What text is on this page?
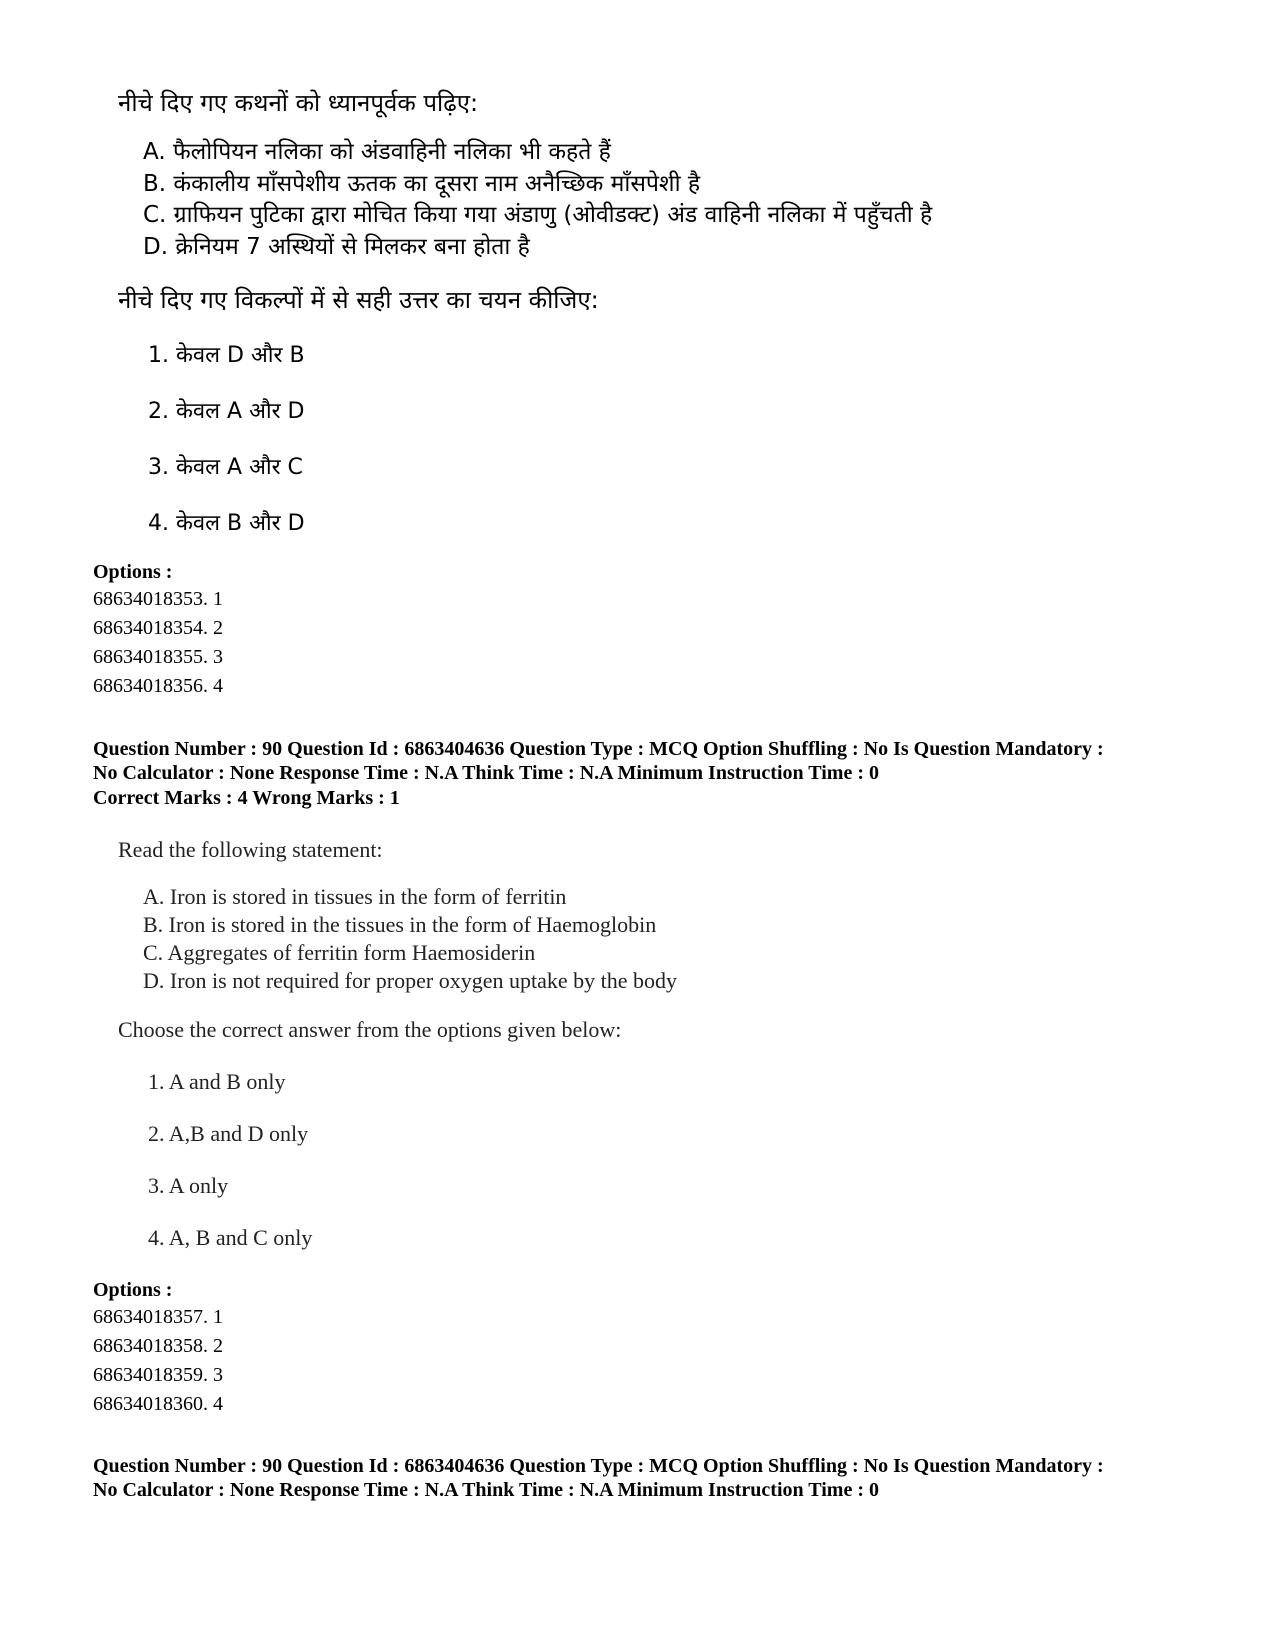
नीचे दिए गए कथनों को ध्यानपूर्वक पढ़िए:
A. फैलोपियन नलिका को अंडवाहिनी नलिका भी कहते हैं
B. कंकालीय माँसपेशीय ऊतक का दूसरा नाम अनैच्छिक माँसपेशी है
C. ग्राफियन पुटिका द्वारा मोचित किया गया अंडाणु (ओवीडक्ट) अंड वाहिनी नलिका में पहुँचती है
D. क्रेनियम 7 अस्थियों से मिलकर बना होता है
नीचे दिए गए विकल्पों में से सही उत्तर का चयन कीजिए:
1. केवल D और B
2. केवल A और D
3. केवल A और C
4. केवल B और D
Options :
68634018353. 1
68634018354. 2
68634018355. 3
68634018356. 4
Question Number : 90 Question Id : 6863404636 Question Type : MCQ Option Shuffling : No Is Question Mandatory :
No Calculator : None Response Time : N.A Think Time : N.A Minimum Instruction Time : 0
Correct Marks : 4 Wrong Marks : 1
Read the following statement:
A. Iron is stored in tissues in the form of ferritin
B. Iron is stored in the tissues in the form of Haemoglobin
C. Aggregates of ferritin form Haemosiderin
D. Iron is not required for proper oxygen uptake by the body
Choose the correct answer from the options given below:
1. A and B only
2. A,B and D only
3. A only
4. A, B and C only
Options :
68634018357. 1
68634018358. 2
68634018359. 3
68634018360. 4
Question Number : 90 Question Id : 6863404636 Question Type : MCQ Option Shuffling : No Is Question Mandatory :
No Calculator : None Response Time : N.A Think Time : N.A Minimum Instruction Time : 0
